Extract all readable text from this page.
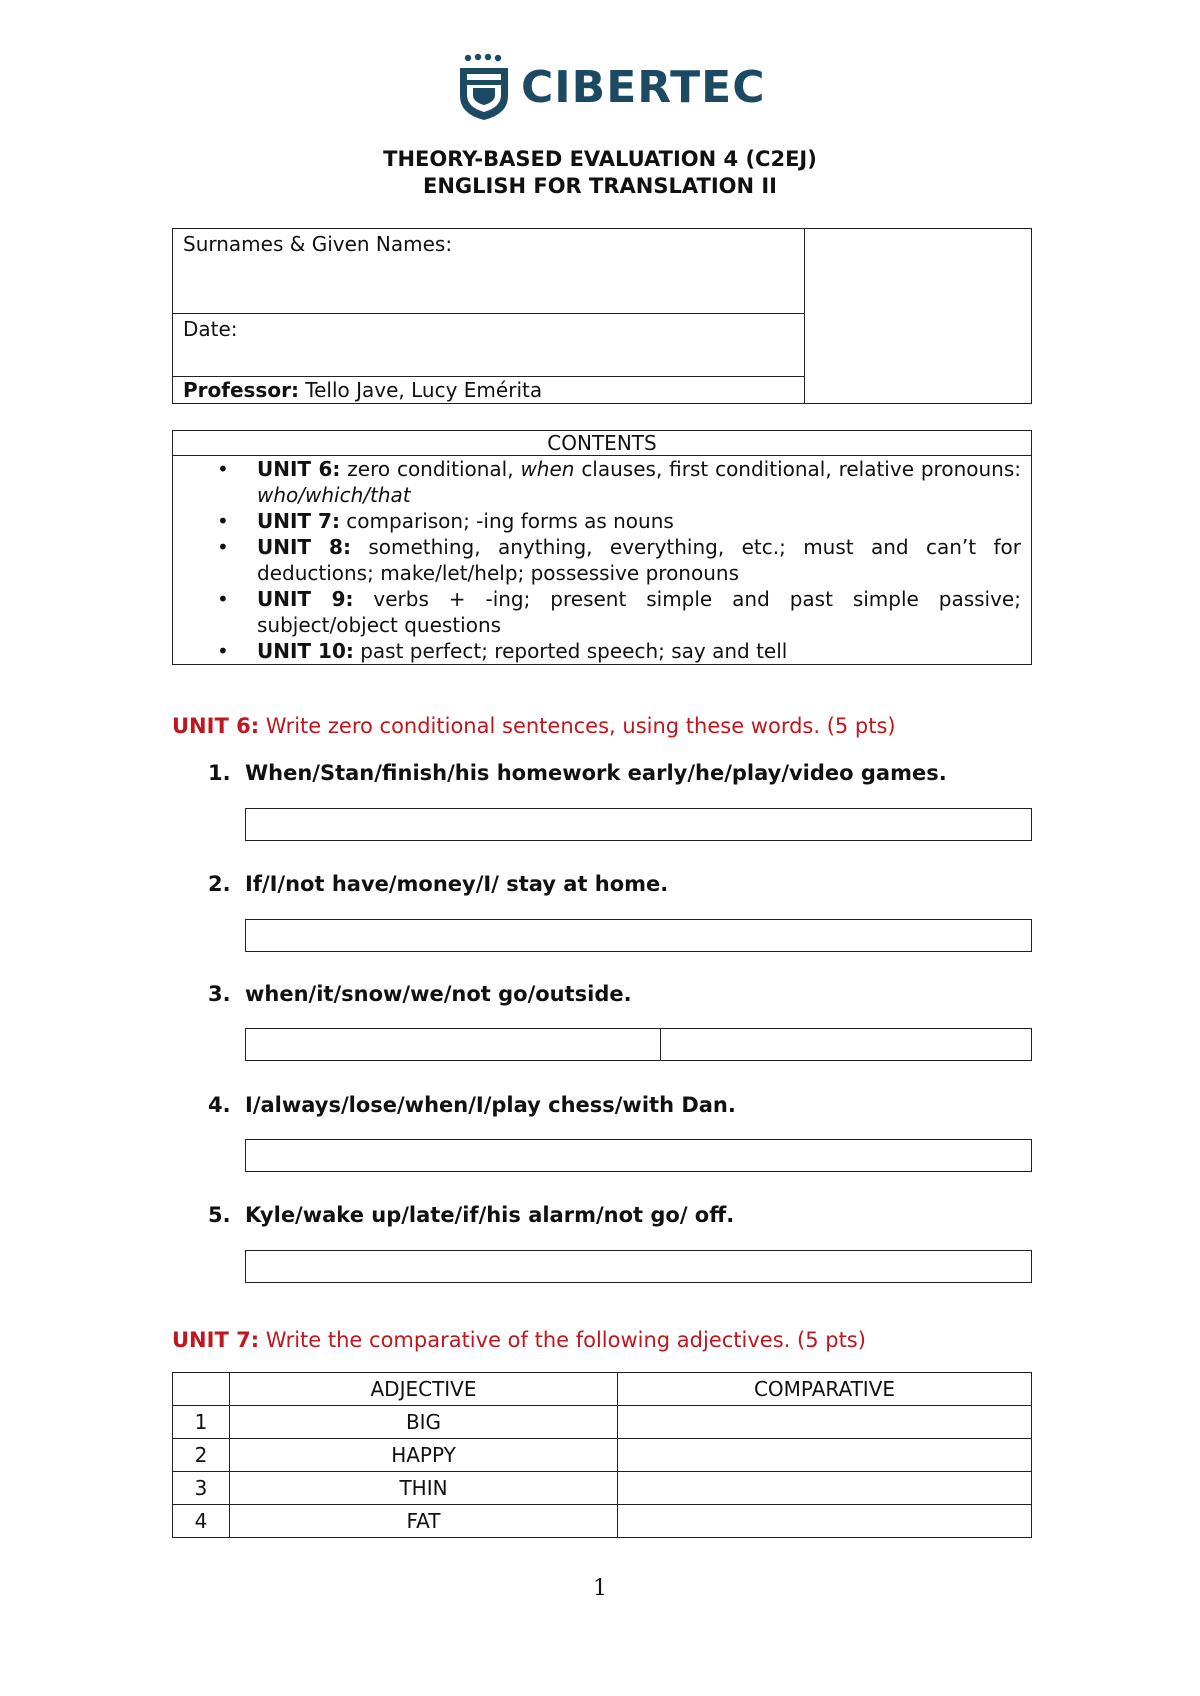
CIBERTEC
THEORY-BASED EVALUATION 4 (C2EJ)
ENGLISH FOR TRANSLATION II
Surnames & Given Names:	
Date:
Professor: Tello Jave, Lucy Emérita
CONTENTS

• UNIT 6: zero conditional, when clauses, first conditional, relative pronouns: who/which/that
• UNIT 7: comparison; -ing forms as nouns
• UNIT 8: something, anything, everything, etc.; must and can’t for deductions; make/let/help; possessive pronouns
• UNIT 9: verbs + -ing; present simple and past simple passive; subject/object questions
• UNIT 10: past perfect; reported speech; say and tell
UNIT 6: Write zero conditional sentences, using these words. (5 pts)
1. When/Stan/finish/his homework early/he/play/video games.
2. If/I/not have/money/I/ stay at home.
3. when/it/snow/we/not go/outside.
4. I/always/lose/when/I/play chess/with Dan.
5. Kyle/wake up/late/if/his alarm/not go/ off.
UNIT 7: Write the comparative of the following adjectives. (5 pts)
	ADJECTIVE	COMPARATIVE
1	BIG	
2	HAPPY	
3	THIN	
4	FAT	
1
